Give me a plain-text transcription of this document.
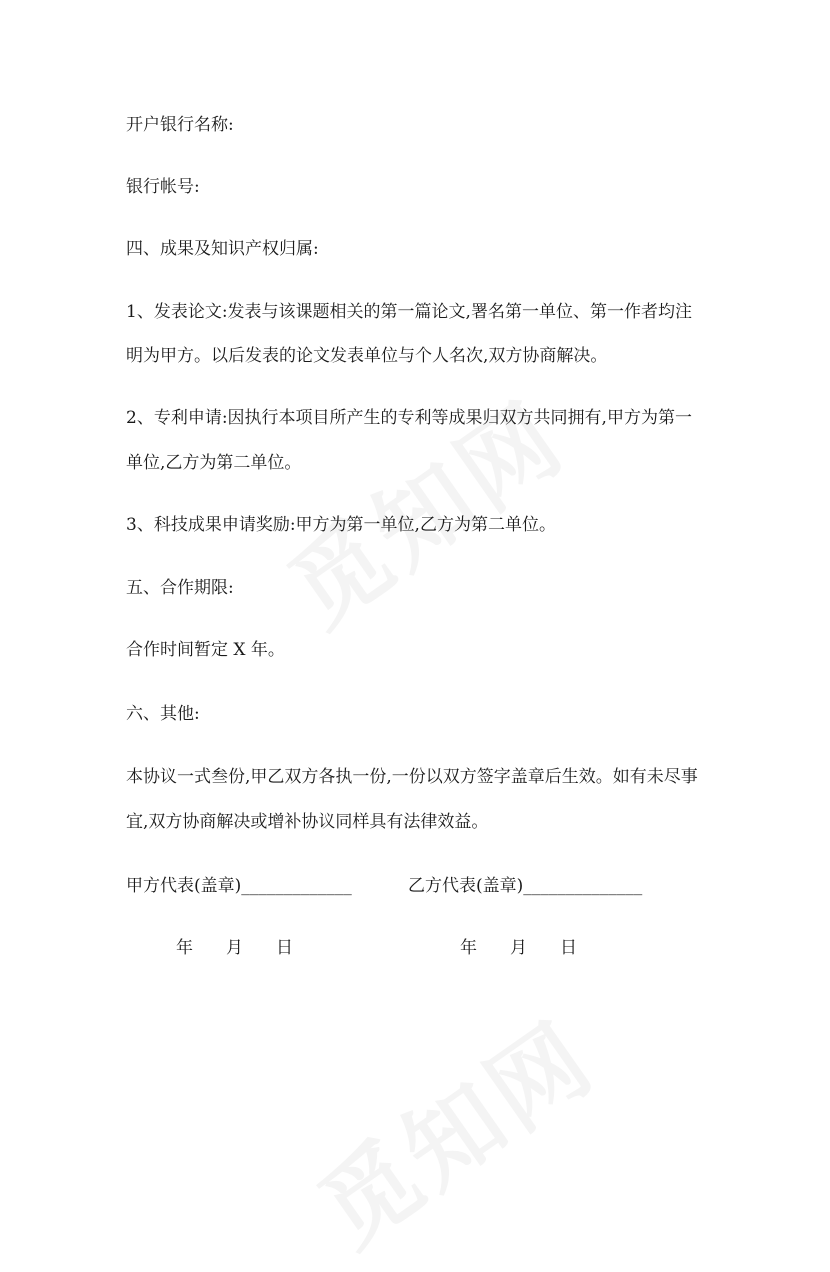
开户银行名称:
银行帐号:
四、成果及知识产权归属:
1、发表论文:发表与该课题相关的第一篇论文,署名第一单位、第一作者均注
明为甲方。以后发表的论文发表单位与个人名次,双方协商解决。
2、专利申请:因执行本项目所产生的专利等成果归双方共同拥有,甲方为第一
单位,乙方为第二单位。
3、科技成果申请奖励:甲方为第一单位,乙方为第二单位。
五、合作期限:
合作时间暂定 X 年。
六、其他:
本协议一式叁份,甲乙双方各执一份,一份以双方签字盖章后生效。如有未尽事
宜,双方协商解决或增补协议同样具有法律效益。
甲方代表(盖章)_____________	乙方代表(盖章)______________
年 月 日	年 月 日
